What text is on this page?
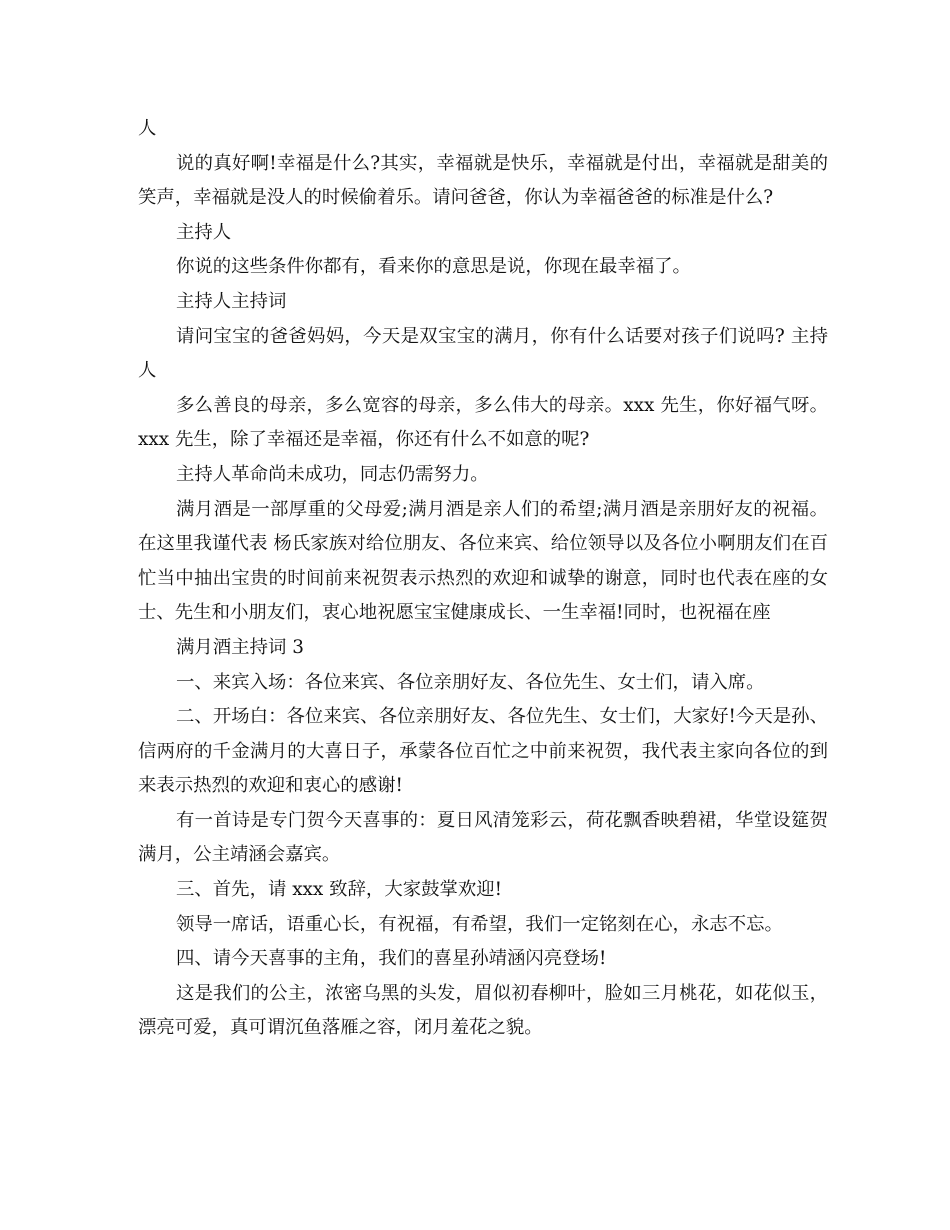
人

说的真好啊!幸福是什么?其实，幸福就是快乐，幸福就是付出，幸福就是甜美的笑声，幸福就是没人的时候偷着乐。请问爸爸，你认为幸福爸爸的标准是什么?

主持人

你说的这些条件你都有，看来你的意思是说，你现在最幸福了。

主持人主持词

请问宝宝的爸爸妈妈，今天是双宝宝的满月，你有什么话要对孩子们说吗? 主持人

多么善良的母亲，多么宽容的母亲，多么伟大的母亲。xxx 先生，你好福气呀。xxx 先生，除了幸福还是幸福，你还有什么不如意的呢?

主持人革命尚未成功，同志仍需努力。

满月酒是一部厚重的父母爱;满月酒是亲人们的希望;满月酒是亲朋好友的祝福。在这里我谨代表 杨氏家族对给位朋友、各位来宾、给位领导以及各位小啊朋友们在百忙当中抽出宝贵的时间前来祝贺表示热烈的欢迎和诚挚的谢意，同时也代表在座的女士、先生和小朋友们，衷心地祝愿宝宝健康成长、一生幸福!同时，也祝福在座

满月酒主持词 3

一、来宾入场：各位来宾、各位亲朋好友、各位先生、女士们，请入席。

二、开场白：各位来宾、各位亲朋好友、各位先生、女士们，大家好!今天是孙、信两府的千金满月的大喜日子，承蒙各位百忙之中前来祝贺，我代表主家向各位的到来表示热烈的欢迎和衷心的感谢!

有一首诗是专门贺今天喜事的：夏日风清笼彩云，荷花飘香映碧裙，华堂设筵贺满月，公主靖涵会嘉宾。

三、首先，请 xxx 致辞，大家鼓掌欢迎!

领导一席话，语重心长，有祝福，有希望，我们一定铭刻在心，永志不忘。

四、请今天喜事的主角，我们的喜星孙靖涵闪亮登场!

这是我们的公主，浓密乌黑的头发，眉似初春柳叶，脸如三月桃花，如花似玉，漂亮可爱，真可谓沉鱼落雁之容，闭月羞花之貌。
